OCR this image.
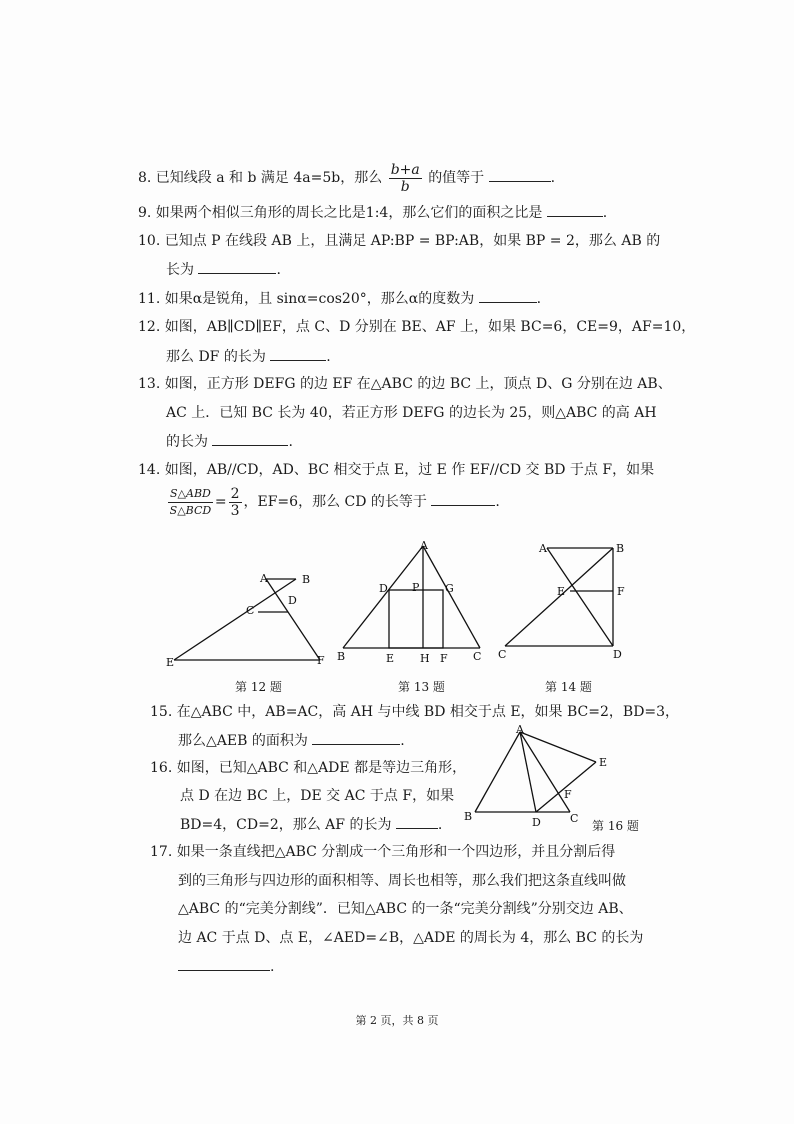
8. 已知线段 a 和 b 满足 4a=5b，那么 $\frac{b+a}{b}$ 的值等于	.
9. 如果两个相似三角形的周长之比是1:4，那么它们的面积之比是	.
10. 已知点 P 在线段 AB 上，且满足 AP:BP = BP:AB，如果 BP = 2，那么 AB 的
长为	.
11. 如果α是锐角，且 sinα=cos20°，那么α的度数为	.
12. 如图，AB∥CD∥EF，点 C、D 分别在 BE、AF 上，如果 BC=6，CE=9，AF=10，
那么 DF 的长为	.
13. 如图，正方形 DEFG 的边 EF 在△ABC 的边 BC 上，顶点 D、G 分别在边 AB、
AC 上．已知 BC 长为 40，若正方形 DEFG 的边长为 25，则△ABC 的高 AH
的长为	.
14. 如图，AB//CD，AD、BC 相交于点 E，过 E 作 EF//CD 交 BD 于点 F，如果
$\frac{\text{S△ABD}}{\text{S△BCD}} = \frac{2}{3}$ ，EF=6，那么 CD 的长等于	.
A	B
C
D
E	F
第 12 题
A
D P G
B	E H F C
第 13 题
A	B
E	F
C	D
第 14 题
15. 在△ABC 中，AB=AC，高 AH 与中线 BD 相交于点 E，如果 BC=2，BD=3，
那么△AEB 的面积为	.
16. 如图，已知△ABC 和△ADE 都是等边三角形，
点 D 在边 BC 上，DE 交 AC 于点 F，如果
BD=4，CD=2，那么 AF 的长为	.
A
E
F
B	D	C
第 16 题
17. 如果一条直线把△ABC 分割成一个三角形和一个四边形，并且分割后得
到的三角形与四边形的面积相等、周长也相等，那么我们把这条直线叫做
△ABC 的“完美分割线”．已知△ABC 的一条“完美分割线”分别交边 AB、
边 AC 于点 D、点 E，∠AED=∠B，△ADE 的周长为 4，那么 BC 的长为
.
第 2 页，共 8 页
